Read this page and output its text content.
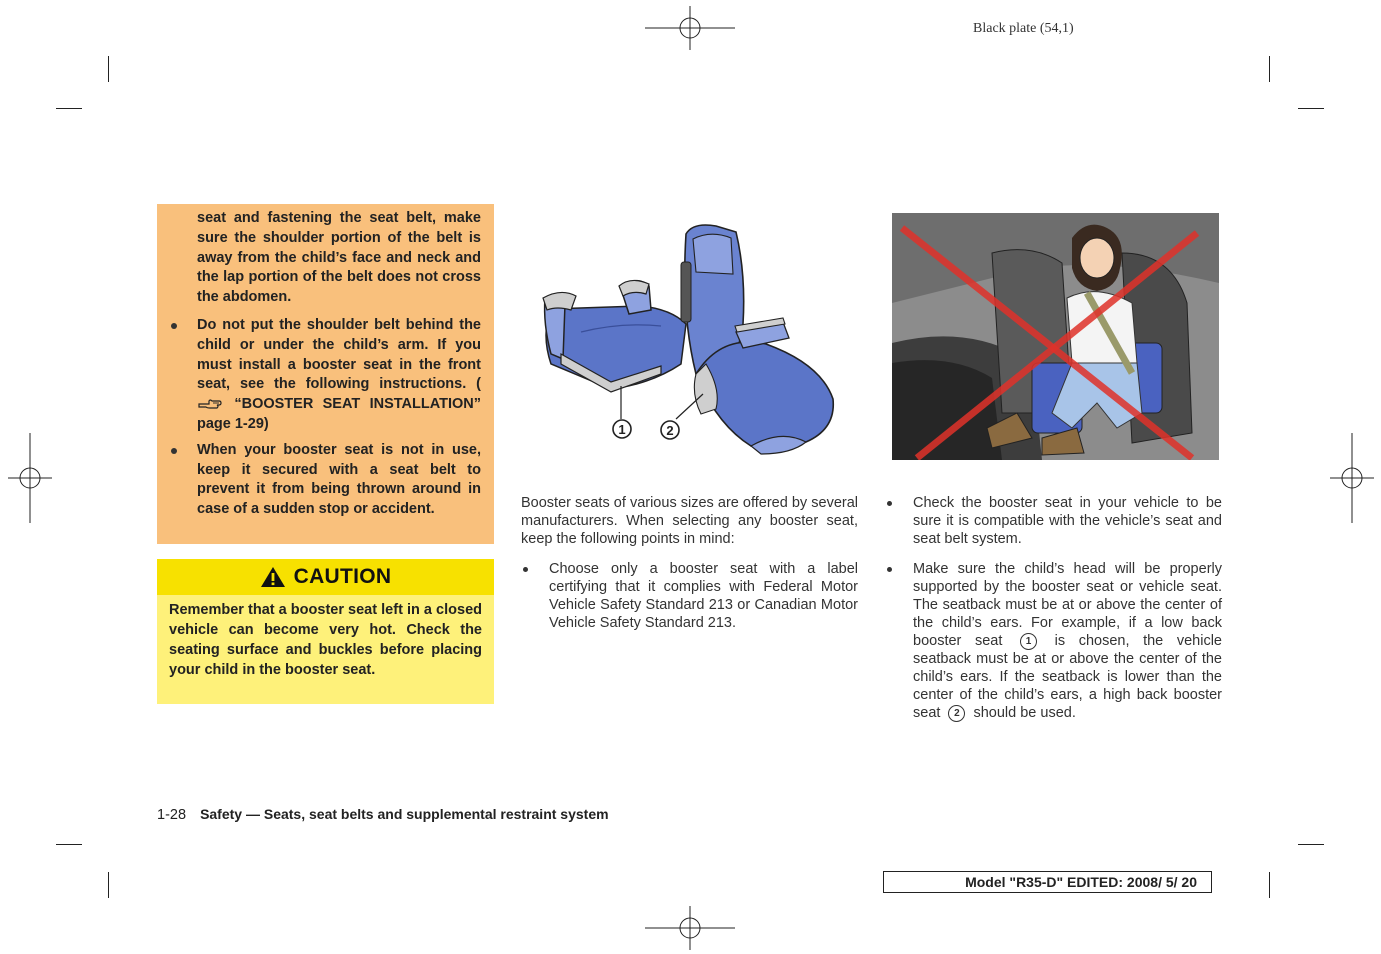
Black plate (54,1)

seat and fastening the seat belt, make sure the shoulder portion of the belt is away from the child’s face and neck and the lap portion of the belt does not cross the abdomen.

Do not put the shoulder belt behind the child or under the child’s arm. If you must install a booster seat in the front seat, see the following instructions. (  “BOOSTER SEAT INSTALLATION” page 1-29)
When your booster seat is not in use, keep it secured with a seat belt to prevent it from being thrown around in case of a sudden stop or accident.
CAUTION
Remember that a booster seat left in a closed vehicle can become very hot. Check the seating surface and buckles before placing your child in the booster seat.
1	2

Booster seats of various sizes are offered by several manufacturers. When selecting any booster seat, keep the following points in mind:

Choose only a booster seat with a label certifying that it complies with Federal Motor Vehicle Safety Standard 213 or Canadian Motor Vehicle Safety Standard 213.
Check the booster seat in your vehicle to be sure it is compatible with the vehicle’s seat and seat belt system.
Make sure the child’s head will be properly supported by the booster seat or vehicle seat. The seatback must be at or above the center of the child’s ears. For example, if a low back booster seat 1 is chosen, the vehicle seatback must be at or above the center of the child’s ears. If the seatback is lower than the center of the child’s ears, a high back booster seat 2 should be used.
1-28 Safety — Seats, seat belts and supplemental restraint system
Model "R35-D" EDITED: 2008/ 5/ 20
